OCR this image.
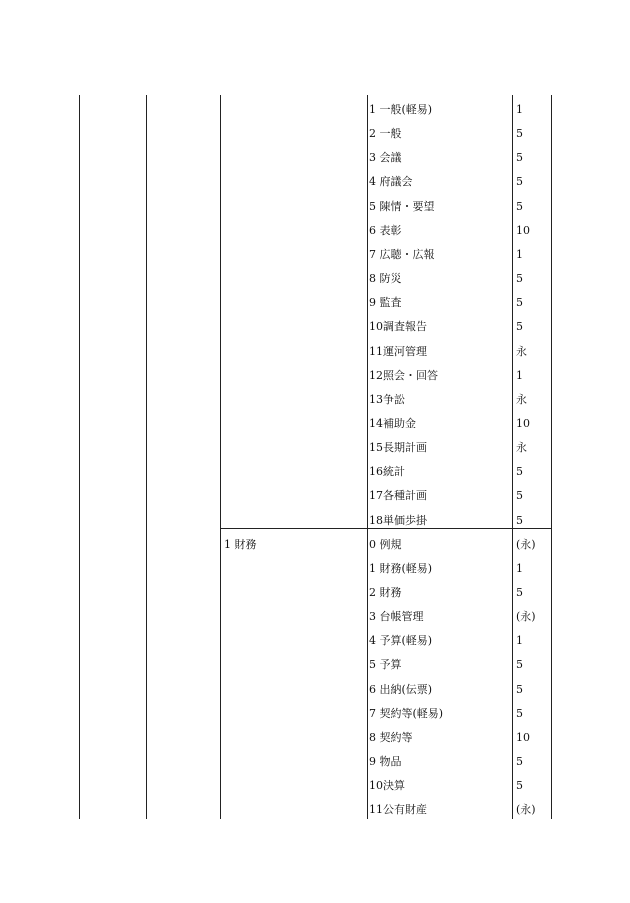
1 一般(軽易)	1
2 一般	5
3 会議	5
4 府議会	5
5 陳情・要望	5
6 表彰	10
7 広聴・広報	1
8 防災	5
9 監査	5
10調査報告	5
11運河管理	永
12照会・回答	1
13争訟	永
14補助金	10
15長期計画	永
16統計	5
17各種計画	5
18単価歩掛	5
1 財務	0 例規	(永)
1 財務(軽易)	1
2 財務	5
3 台帳管理	(永)
4 予算(軽易)	1
5 予算	5
6 出納(伝票)	5
7 契約等(軽易)	5
8 契約等	10
9 物品	5
10決算	5
11公有財産	(永)
